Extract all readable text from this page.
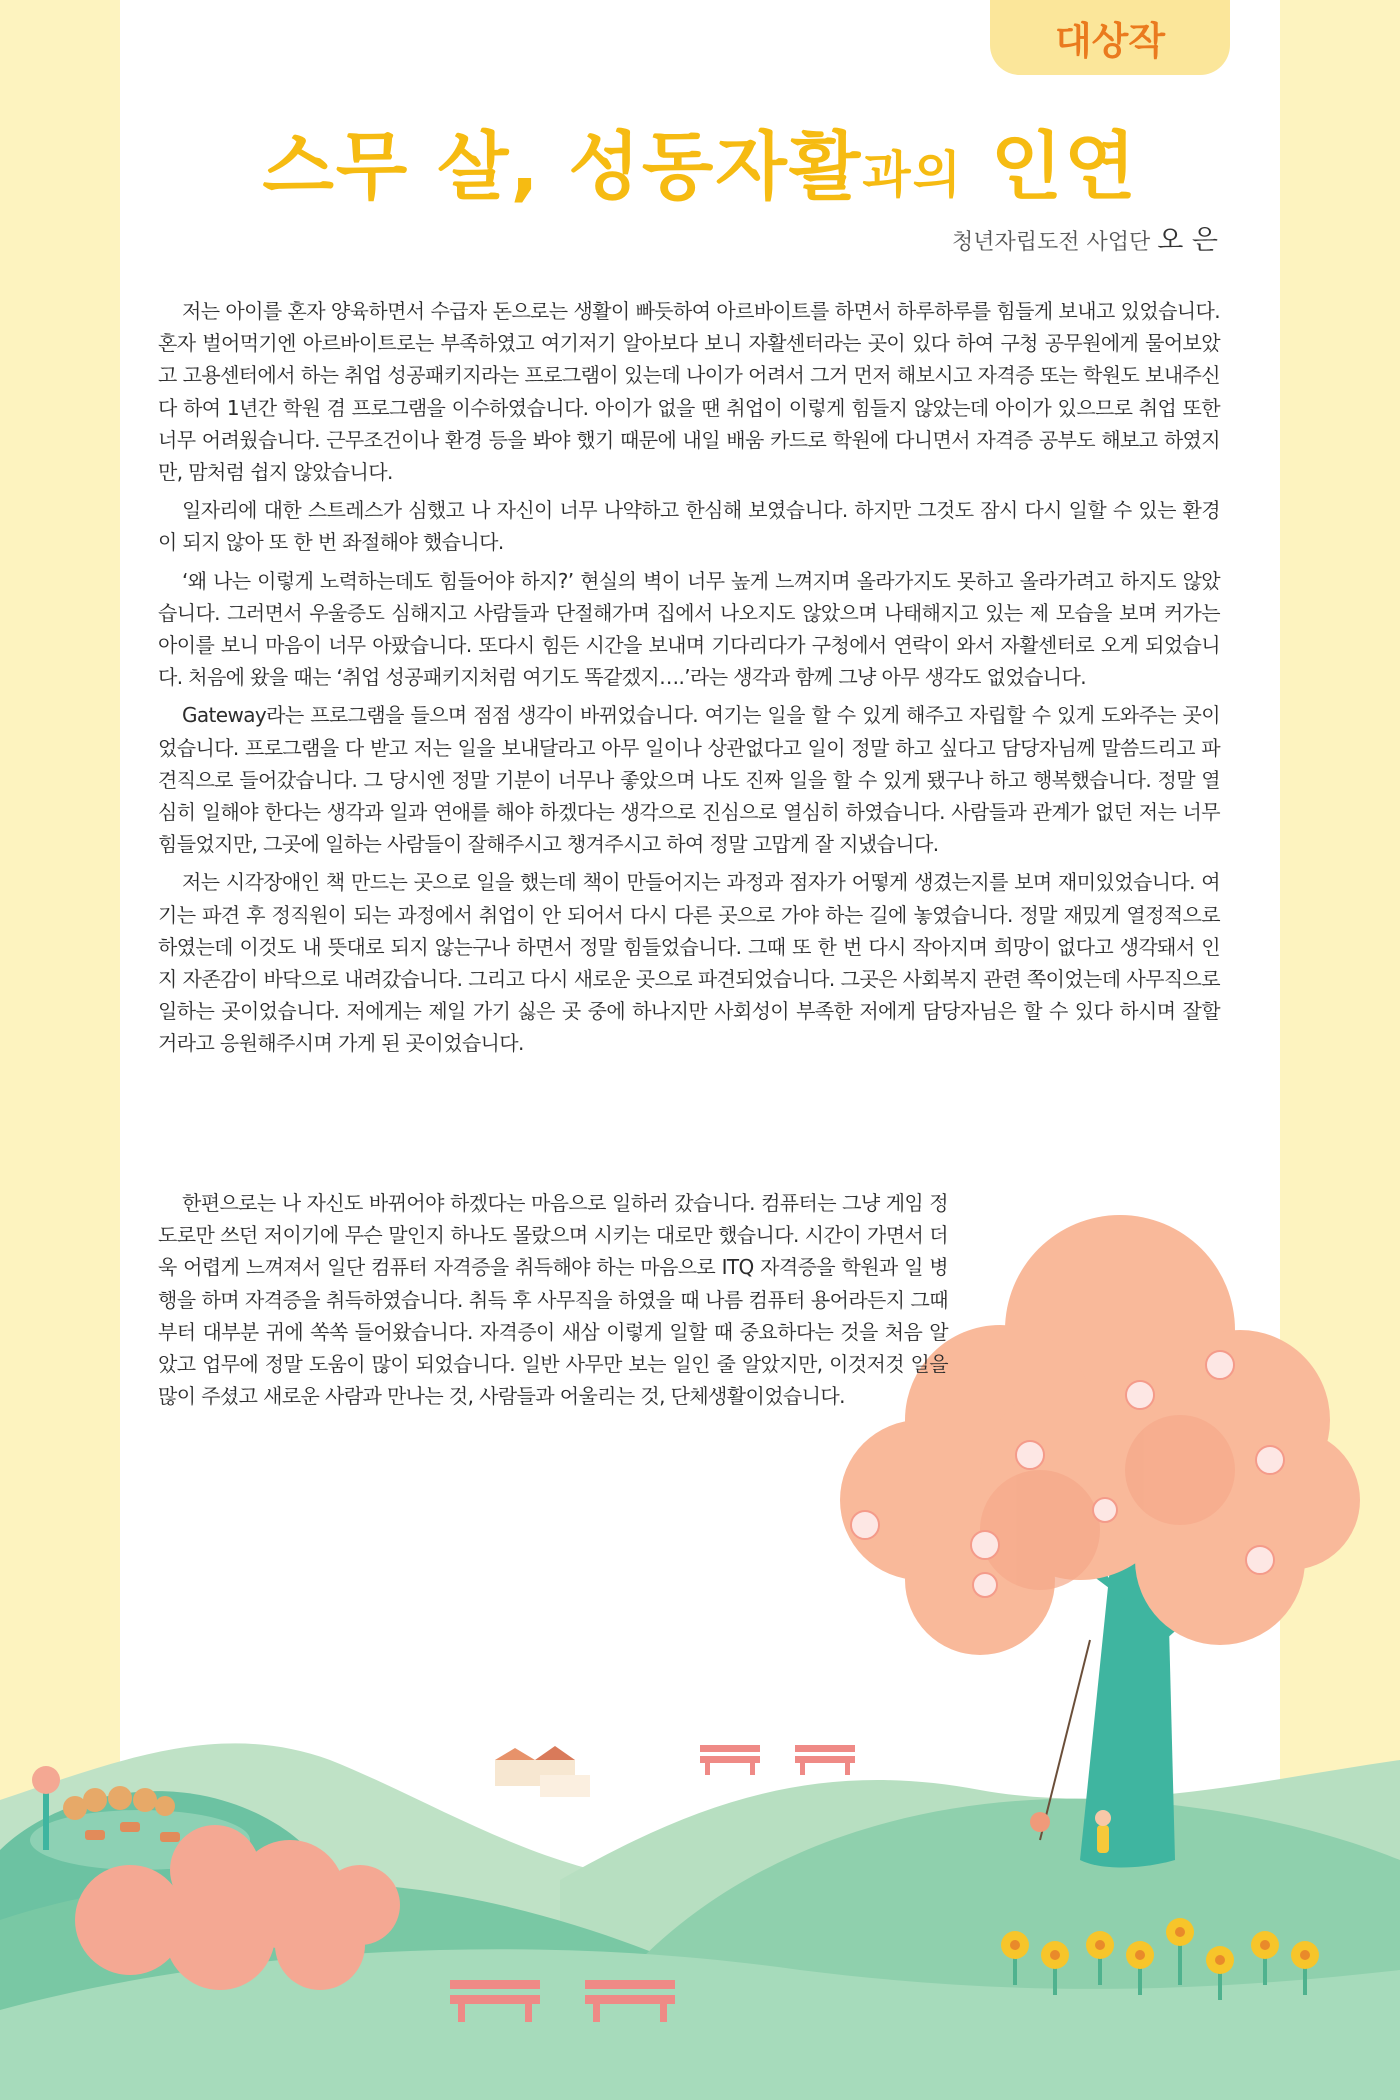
대상작
스무 살, 성동자활과의 인연
청년자립도전 사업단 오 은

저는 아이를 혼자 양육하면서 수급자 돈으로는 생활이 빠듯하여 아르바이트를 하면서 하루하루를 힘들게 보내고 있었습니다. 혼자 벌어먹기엔 아르바이트로는 부족하였고 여기저기 알아보다 보니 자활센터라는 곳이 있다 하여 구청 공무원에게 물어보았고 고용센터에서 하는 취업 성공패키지라는 프로그램이 있는데 나이가 어려서 그거 먼저 해보시고 자격증 또는 학원도 보내주신다 하여 1년간 학원 겸 프로그램을 이수하였습니다. 아이가 없을 땐 취업이 이렇게 힘들지 않았는데 아이가 있으므로 취업 또한 너무 어려웠습니다. 근무조건이나 환경 등을 봐야 했기 때문에 내일 배움 카드로 학원에 다니면서 자격증 공부도 해보고 하였지만, 맘처럼 쉽지 않았습니다.

일자리에 대한 스트레스가 심했고 나 자신이 너무 나약하고 한심해 보였습니다. 하지만 그것도 잠시 다시 일할 수 있는 환경이 되지 않아 또 한 번 좌절해야 했습니다.

‘왜 나는 이렇게 노력하는데도 힘들어야 하지?’ 현실의 벽이 너무 높게 느껴지며 올라가지도 못하고 올라가려고 하지도 않았습니다. 그러면서 우울증도 심해지고 사람들과 단절해가며 집에서 나오지도 않았으며 나태해지고 있는 제 모습을 보며 커가는 아이를 보니 마음이 너무 아팠습니다. 또다시 힘든 시간을 보내며 기다리다가 구청에서 연락이 와서 자활센터로 오게 되었습니다. 처음에 왔을 때는 ‘취업 성공패키지처럼 여기도 똑같겠지….’라는 생각과 함께 그냥 아무 생각도 없었습니다.

Gateway라는 프로그램을 들으며 점점 생각이 바뀌었습니다. 여기는 일을 할 수 있게 해주고 자립할 수 있게 도와주는 곳이었습니다. 프로그램을 다 받고 저는 일을 보내달라고 아무 일이나 상관없다고 일이 정말 하고 싶다고 담당자님께 말씀드리고 파견직으로 들어갔습니다. 그 당시엔 정말 기분이 너무나 좋았으며 나도 진짜 일을 할 수 있게 됐구나 하고 행복했습니다. 정말 열심히 일해야 한다는 생각과 일과 연애를 해야 하겠다는 생각으로 진심으로 열심히 하였습니다. 사람들과 관계가 없던 저는 너무 힘들었지만, 그곳에 일하는 사람들이 잘해주시고 챙겨주시고 하여 정말 고맙게 잘 지냈습니다.

저는 시각장애인 책 만드는 곳으로 일을 했는데 책이 만들어지는 과정과 점자가 어떻게 생겼는지를 보며 재미있었습니다. 여기는 파견 후 정직원이 되는 과정에서 취업이 안 되어서 다시 다른 곳으로 가야 하는 길에 놓였습니다. 정말 재밌게 열정적으로 하였는데 이것도 내 뜻대로 되지 않는구나 하면서 정말 힘들었습니다. 그때 또 한 번 다시 작아지며 희망이 없다고 생각돼서 인지 자존감이 바닥으로 내려갔습니다. 그리고 다시 새로운 곳으로 파견되었습니다. 그곳은 사회복지 관련 쪽이었는데 사무직으로 일하는 곳이었습니다. 저에게는 제일 가기 싫은 곳 중에 하나지만 사회성이 부족한 저에게 담당자님은 할 수 있다 하시며 잘할 거라고 응원해주시며 가게 된 곳이었습니다.

한편으로는 나 자신도 바뀌어야 하겠다는 마음으로 일하러 갔습니다. 컴퓨터는 그냥 게임 정도로만 쓰던 저이기에 무슨 말인지 하나도 몰랐으며 시키는 대로만 했습니다. 시간이 가면서 더욱 어렵게 느껴져서 일단 컴퓨터 자격증을 취득해야 하는 마음으로 ITQ 자격증을 학원과 일 병행을 하며 자격증을 취득하였습니다. 취득 후 사무직을 하였을 때 나름 컴퓨터 용어라든지 그때부터 대부분 귀에 쏙쏙 들어왔습니다. 자격증이 새삼 이렇게 일할 때 중요하다는 것을 처음 알았고 업무에 정말 도움이 많이 되었습니다. 일반 사무만 보는 일인 줄 알았지만, 이것저것 일을 많이 주셨고 새로운 사람과 만나는 것, 사람들과 어울리는 것, 단체생활이었습니다.
